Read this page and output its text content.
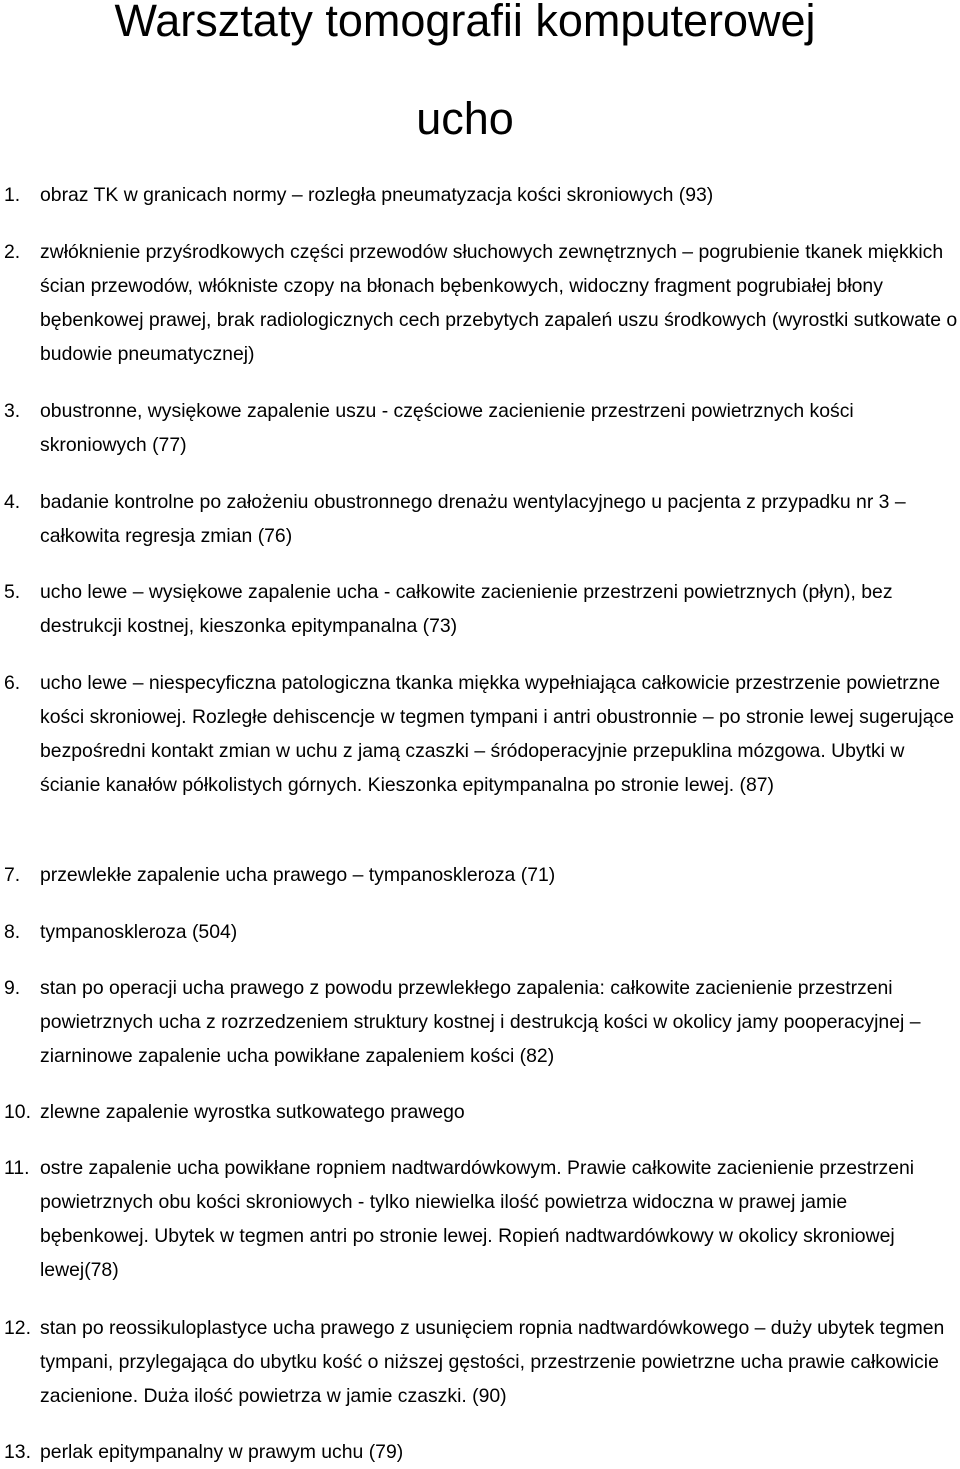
Warsztaty tomografii komputerowej
ucho
1. obraz TK w granicach normy – rozległa pneumatyzacja kości skroniowych (93)
2. zwłóknienie przyśrodkowych części przewodów słuchowych zewnętrznych – pogrubienie tkanek miękkich ścian przewodów, włókniste czopy na błonach bębenkowych, widoczny fragment pogrubiałej błony bębenkowej prawej, brak radiologicznych cech przebytych zapaleń uszu środkowych (wyrostki sutkowate o budowie pneumatycznej)
3. obustronne, wysiękowe zapalenie uszu - częściowe zacienienie przestrzeni powietrznych kości skroniowych (77)
4. badanie kontrolne po założeniu obustronnego drenażu wentylacyjnego u pacjenta z przypadku nr 3 – całkowita regresja zmian (76)
5. ucho lewe – wysiękowe zapalenie ucha - całkowite zacienienie przestrzeni powietrznych (płyn), bez destrukcji kostnej, kieszonka epitympanalna (73)
6. ucho lewe – niespecyficzna patologiczna tkanka miękka wypełniająca całkowicie przestrzenie powietrzne kości skroniowej. Rozległe dehiscencje w tegmen tympani i antri obustronnie – po stronie lewej sugerujące bezpośredni kontakt zmian w uchu z jamą czaszki – śródoperacyjnie przepuklina mózgowa. Ubytki w ścianie kanałów półkolistych górnych. Kieszonka epitympanalna po stronie lewej. (87)
7. przewlekłe zapalenie ucha prawego – tympanoskleroza (71)
8. tympanoskleroza (504)
9. stan po operacji ucha prawego z powodu przewlekłego zapalenia: całkowite zacienienie przestrzeni powietrznych ucha z rozrzedzeniem struktury kostnej i destrukcją kości w okolicy jamy pooperacyjnej – ziarninowe zapalenie ucha powikłane zapaleniem kości (82)
10. zlewne zapalenie wyrostka sutkowatego prawego
11. ostre zapalenie ucha powikłane ropniem nadtwardówkowym. Prawie całkowite zacienienie przestrzeni powietrznych obu kości skroniowych - tylko niewielka ilość powietrza widoczna w prawej jamie bębenkowej. Ubytek w tegmen antri po stronie lewej. Ropień nadtwardówkowy w okolicy skroniowej lewej(78)
12. stan po reossikuloplastyce ucha prawego z usunięciem ropnia nadtwardówkowego – duży ubytek tegmen tympani, przylegająca do ubytku kość o niższej gęstości, przestrzenie powietrzne ucha prawie całkowicie zacienione. Duża ilość powietrza w jamie czaszki. (90)
13. perlak epitympanalny w prawym uchu (79)
